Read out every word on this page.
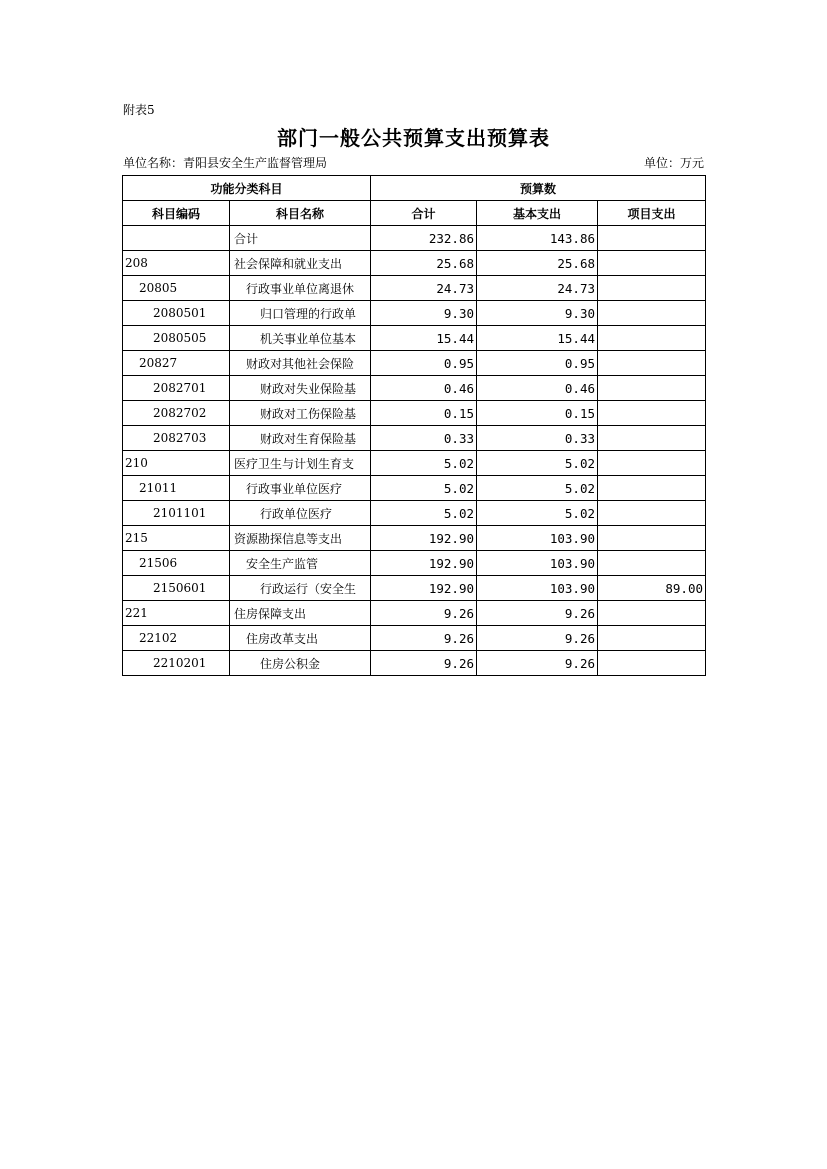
附表5
部门一般公共预算支出预算表
单位名称：青阳县安全生产监督管理局	单位：万元
功能分类科目		预算数		
科目编码	科目名称	合计	基本支出	项目支出
	合计	232.86	143.86	
208	社会保障和就业支出	25.68	25.68	
20805	行政事业单位离退休	24.73	24.73	
2080501	归口管理的行政单	9.30	9.30	
2080505	机关事业单位基本	15.44	15.44	
20827	财政对其他社会保险	0.95	0.95	
2082701	财政对失业保险基	0.46	0.46	
2082702	财政对工伤保险基	0.15	0.15	
2082703	财政对生育保险基	0.33	0.33	
210	医疗卫生与计划生育支	5.02	5.02	
21011	行政事业单位医疗	5.02	5.02	
2101101	行政单位医疗	5.02	5.02	
215	资源勘探信息等支出	192.90	103.90	
21506	安全生产监管	192.90	103.90	
2150601	行政运行（安全生	192.90	103.90	89.00
221	住房保障支出	9.26	9.26	
22102	住房改革支出	9.26	9.26	
2210201	住房公积金	9.26	9.26	
